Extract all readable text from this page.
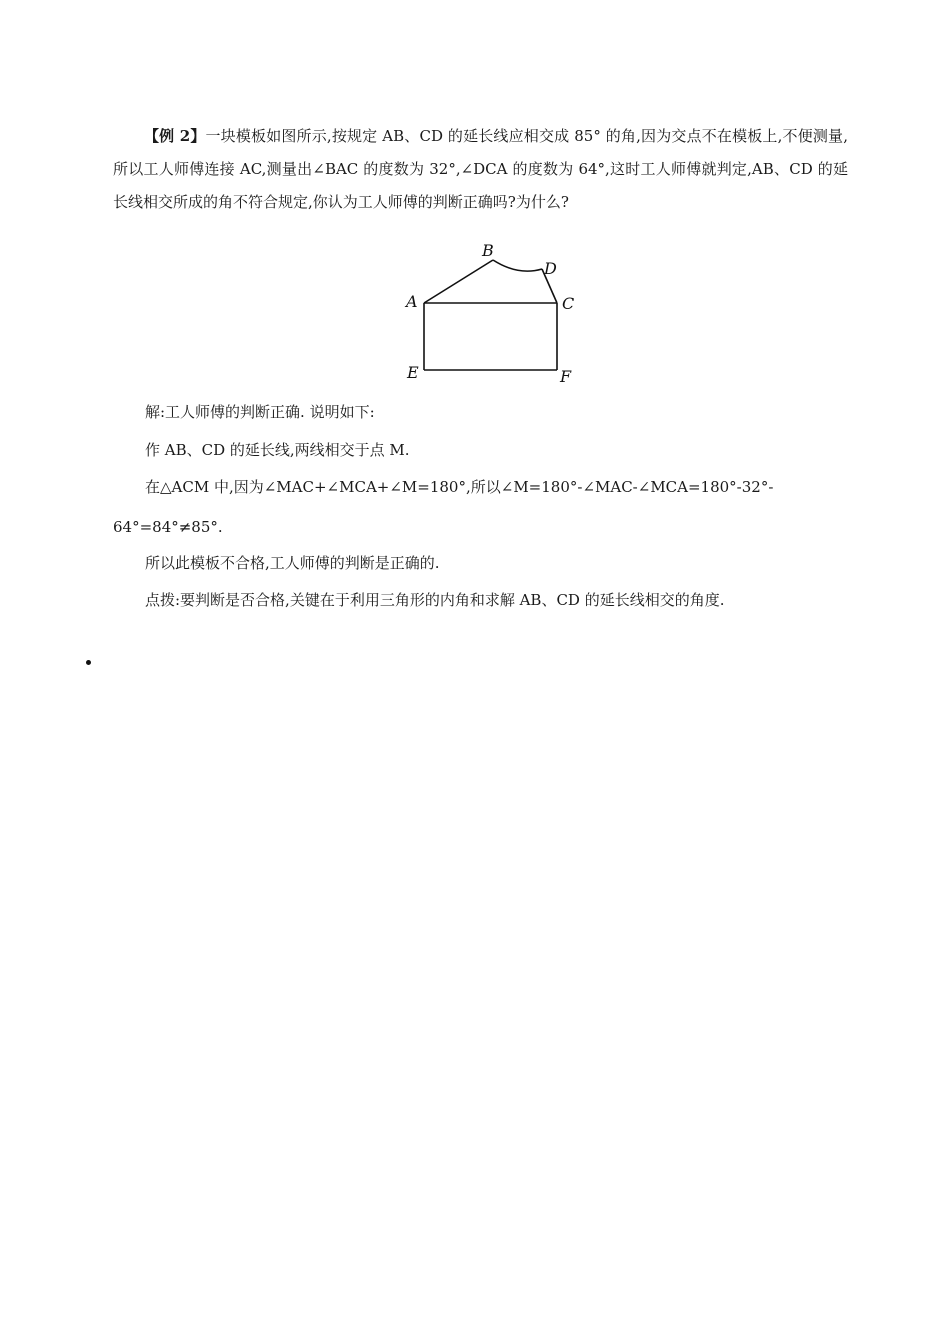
【例 2】一块模板如图所示,按规定 AB、CD 的延长线应相交成 85° 的角,因为交点不在模板上,不便测量,所以工人师傅连接 AC,测量出∠BAC 的度数为 32°,∠DCA 的度数为 64°,这时工人师傅就判定,AB、CD 的延长线相交所成的角不符合规定,你认为工人师傅的判断正确吗?为什么?

A
B
C
D
E	F

解:工人师傅的判断正确. 说明如下:

作 AB、CD 的延长线,两线相交于点 M.

在△ACM 中,因为∠MAC+∠MCA+∠M=180°,所以∠M=180°-∠MAC-∠MCA=180°-32°-

64°=84°≠85°.

所以此模板不合格,工人师傅的判断是正确的.

点拨:要判断是否合格,关键在于利用三角形的内角和求解 AB、CD 的延长线相交的角度.
